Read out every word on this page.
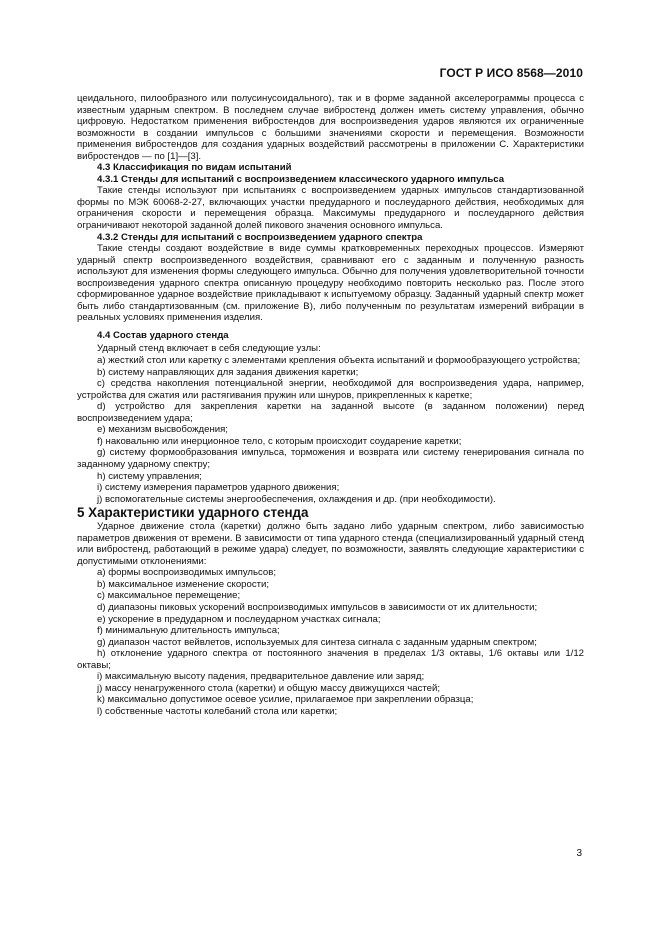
ГОСТ Р ИСО 8568—2010

цеидального, пилообразного или полусинусоидального), так и в форме заданной акселерограммы процесса с известным ударным спектром. В последнем случае вибростенд должен иметь систему управления, обычно цифровую. Недостатком применения вибростендов для воспроизведения ударов являются их ограниченные возможности в создании импульсов с большими значениями скорости и перемещения. Возможности применения вибростендов для создания ударных воздействий рассмотрены в приложении С. Характеристики вибростендов — по [1]—[3].

4.3 Классификация по видам испытаний

4.3.1 Стенды для испытаний с воспроизведением классического ударного импульса

Такие стенды используют при испытаниях с воспроизведением ударных импульсов стандартизованной формы по МЭК 60068-2-27, включающих участки предударного и послеударного действия, необходимых для ограничения скорости и перемещения образца. Максимумы предударного и послеударного действия ограничивают некоторой заданной долей пикового значения основного импульса.

4.3.2 Стенды для испытаний с воспроизведением ударного спектра

Такие стенды создают воздействие в виде суммы кратковременных переходных процессов. Измеряют ударный спектр воспроизведенного воздействия, сравнивают его с заданным и полученную разность используют для изменения формы следующего импульса. Обычно для получения удовлетворительной точности воспроизведения ударного спектра описанную процедуру необходимо повторить несколько раз. После этого сформированное ударное воздействие прикладывают к испытуемому образцу. Заданный ударный спектр может быть либо стандартизованным (см. приложение В), либо полученным по результатам измерений вибрации в реальных условиях применения изделия.

4.4 Состав ударного стенда

Ударный стенд включает в себя следующие узлы:

a) жесткий стол или каретку с элементами крепления объекта испытаний и формообразующего устройства;

b) систему направляющих для задания движения каретки;

c) средства накопления потенциальной энергии, необходимой для воспроизведения удара, например, устройства для сжатия или растягивания пружин или шнуров, прикрепленных к каретке;

d) устройство для закрепления каретки на заданной высоте (в заданном положении) перед воспроизведением удара;

e) механизм высвобождения;

f) наковальню или инерционное тело, с которым происходит соударение каретки;

g) систему формообразования импульса, торможения и возврата или систему генерирования сигнала по заданному ударному спектру;

h) систему управления;

i) систему измерения параметров ударного движения;

j) вспомогательные системы энергообеспечения, охлаждения и др. (при необходимости).

5 Характеристики ударного стенда

Ударное движение стола (каретки) должно быть задано либо ударным спектром, либо зависимостью параметров движения от времени. В зависимости от типа ударного стенда (специализированный ударный стенд или вибростенд, работающий в режиме удара) следует, по возможности, заявлять следующие характеристики с допустимыми отклонениями:

a) формы воспроизводимых импульсов;

b) максимальное изменение скорости;

c) максимальное перемещение;

d) диапазоны пиковых ускорений воспроизводимых импульсов в зависимости от их длительности;

e) ускорение в предударном и послеударном участках сигнала;

f) минимальную длительность импульса;

g) диапазон частот вейвлетов, используемых для синтеза сигнала с заданным ударным спектром;

h) отклонение ударного спектра от постоянного значения в пределах 1/3 октавы, 1/6 октавы или 1/12 октавы;

i) максимальную высоту падения, предварительное давление или заряд;

j) массу ненагруженного стола (каретки) и общую массу движущихся частей;

k) максимально допустимое осевое усилие, прилагаемое при закреплении образца;

l) собственные частоты колебаний стола или каретки;

3
